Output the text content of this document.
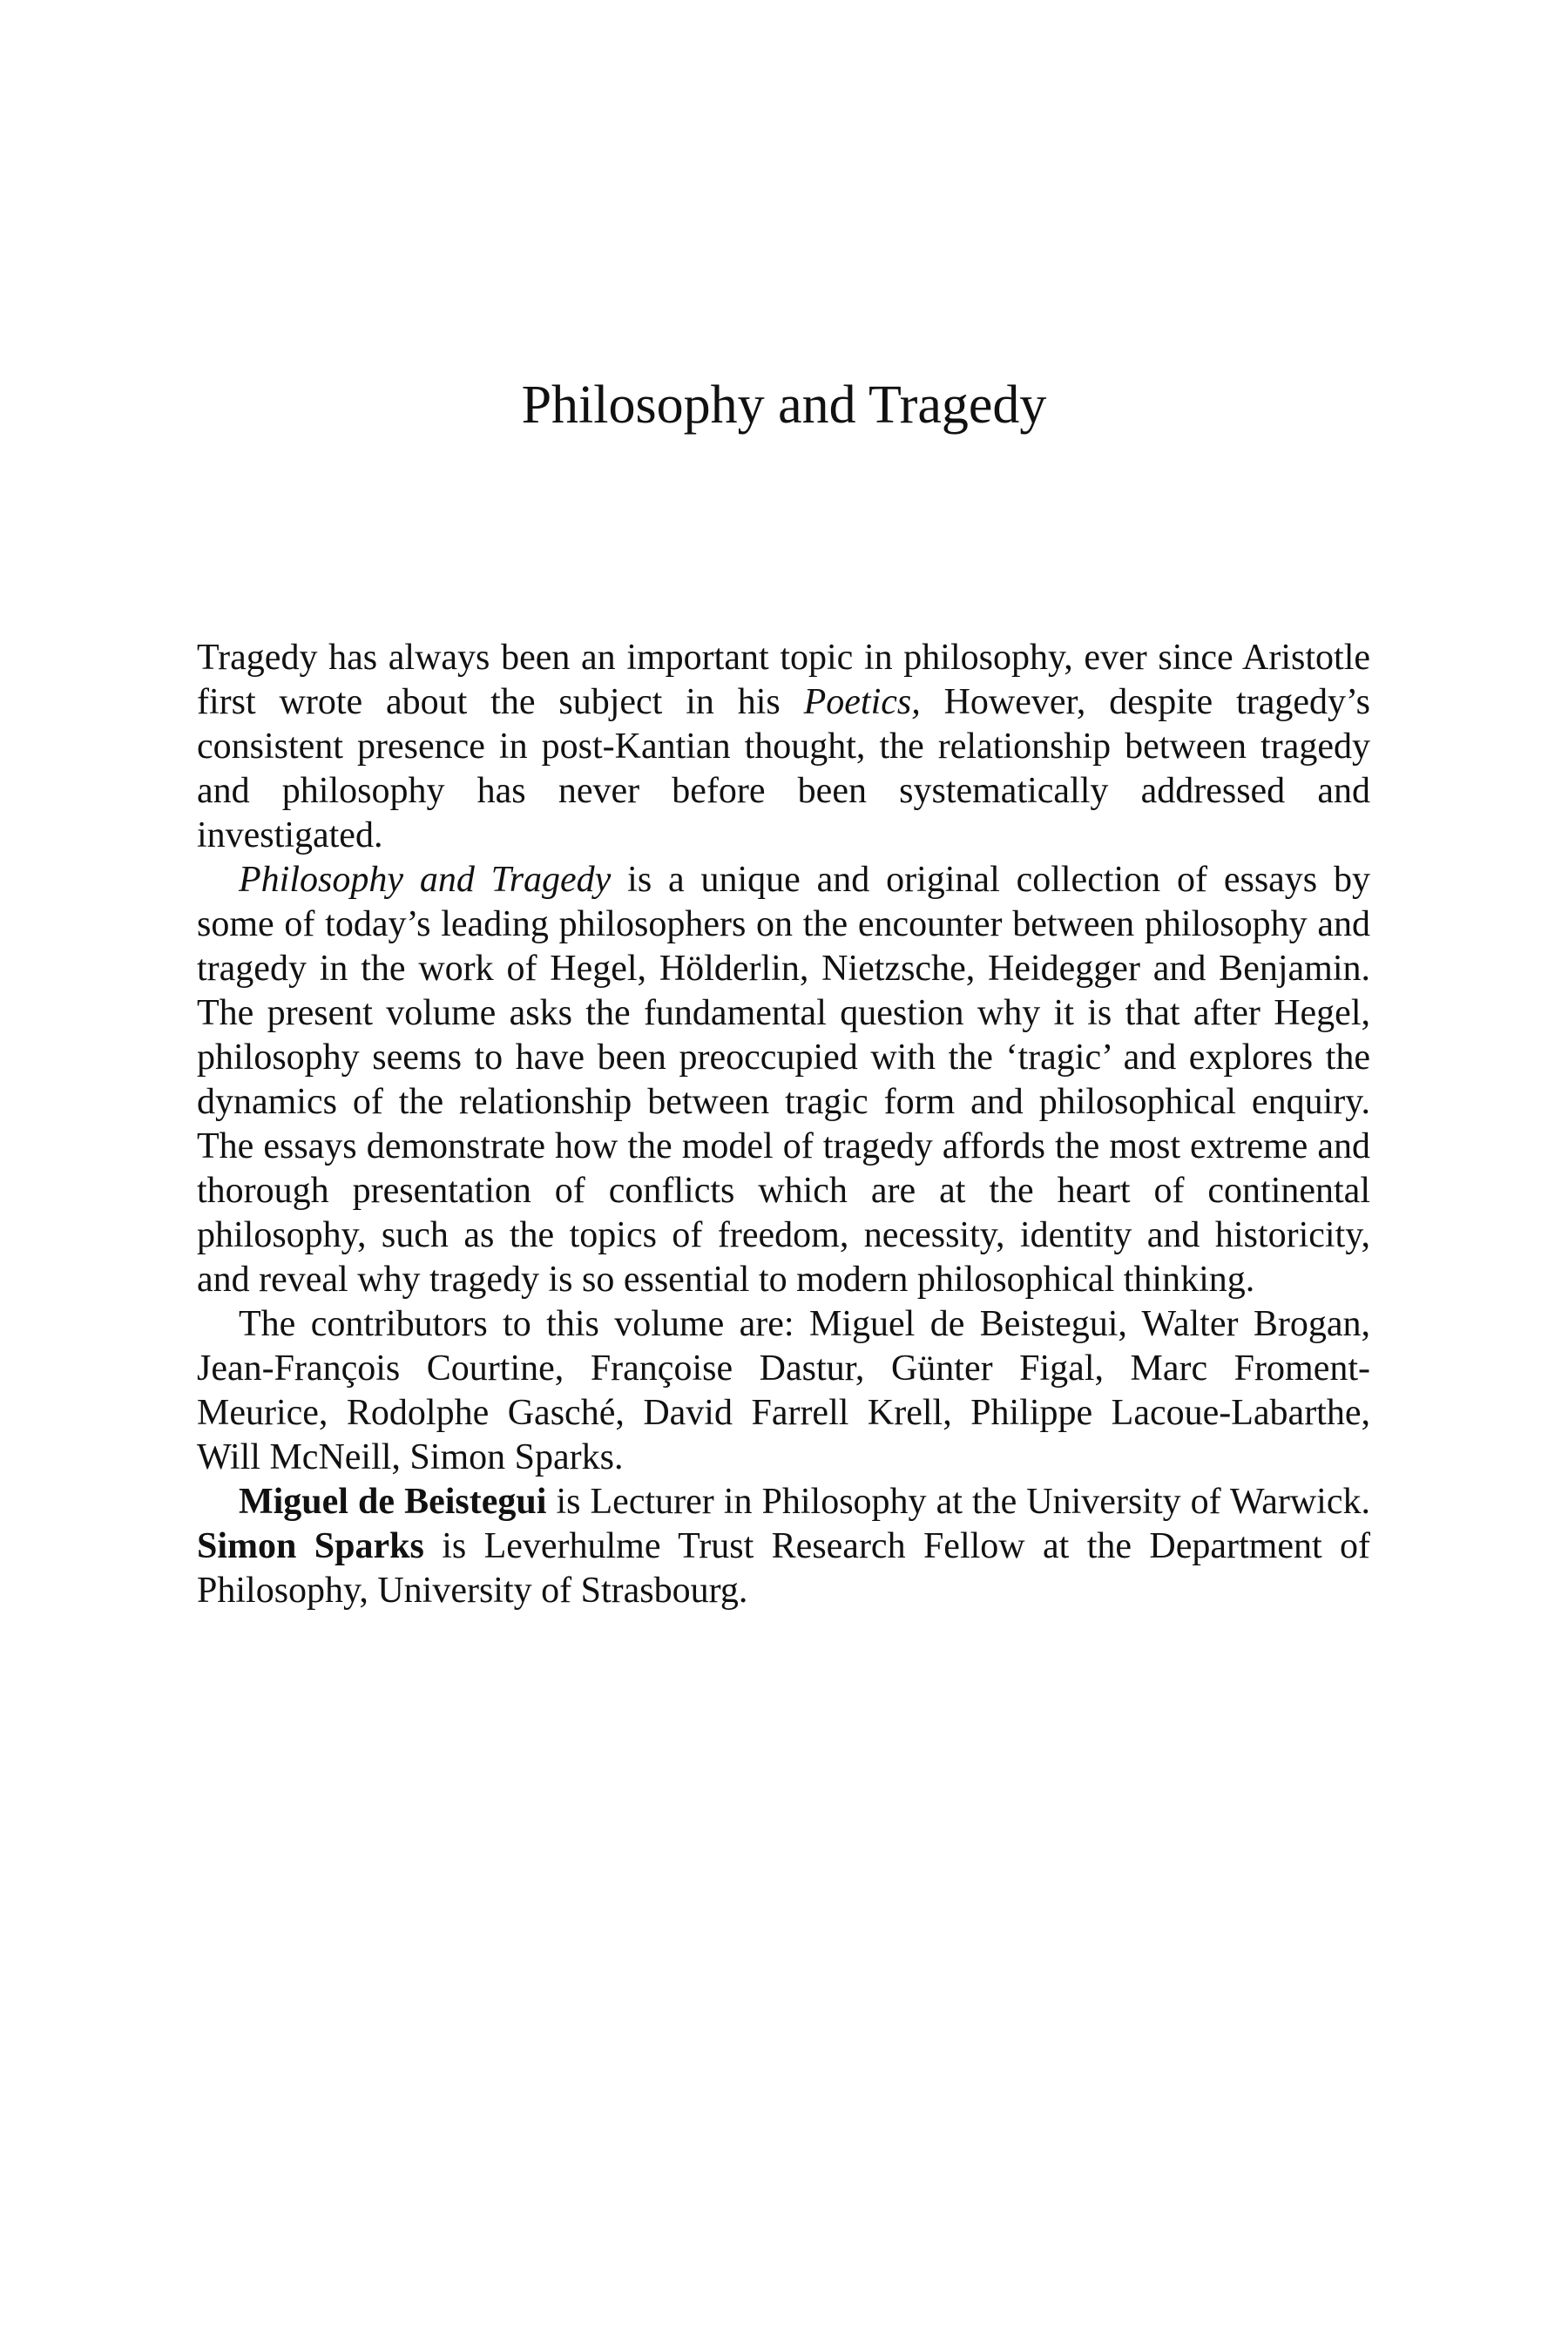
Philosophy and Tragedy

Tragedy has always been an important topic in philosophy, ever since Aristotle first wrote about the subject in his Poetics, However, despite tragedy’s consistent presence in post-Kantian thought, the relationship between tragedy and philosophy has never before been systematically addressed and investigated.

Philosophy and Tragedy is a unique and original collection of essays by some of today’s leading philosophers on the encounter between philosophy and tragedy in the work of Hegel, Hölderlin, Nietzsche, Heidegger and Benjamin. The present volume asks the fundamental question why it is that after Hegel, philosophy seems to have been preoccupied with the ‘tragic’ and explores the dynamics of the relationship between tragic form and philosophical enquiry. The essays demonstrate how the model of tragedy affords the most extreme and thorough presentation of conflicts which are at the heart of continental philosophy, such as the topics of freedom, necessity, identity and historicity, and reveal why tragedy is so essential to modern philosophical thinking.

The contributors to this volume are: Miguel de Beistegui, Walter Brogan, Jean-François Courtine, Françoise Dastur, Günter Figal, Marc Froment-Meurice, Rodolphe Gasché, David Farrell Krell, Philippe Lacoue-Labarthe, Will McNeill, Simon Sparks.

Miguel de Beistegui is Lecturer in Philosophy at the University of Warwick. Simon Sparks is Leverhulme Trust Research Fellow at the Department of Philosophy, University of Strasbourg.
